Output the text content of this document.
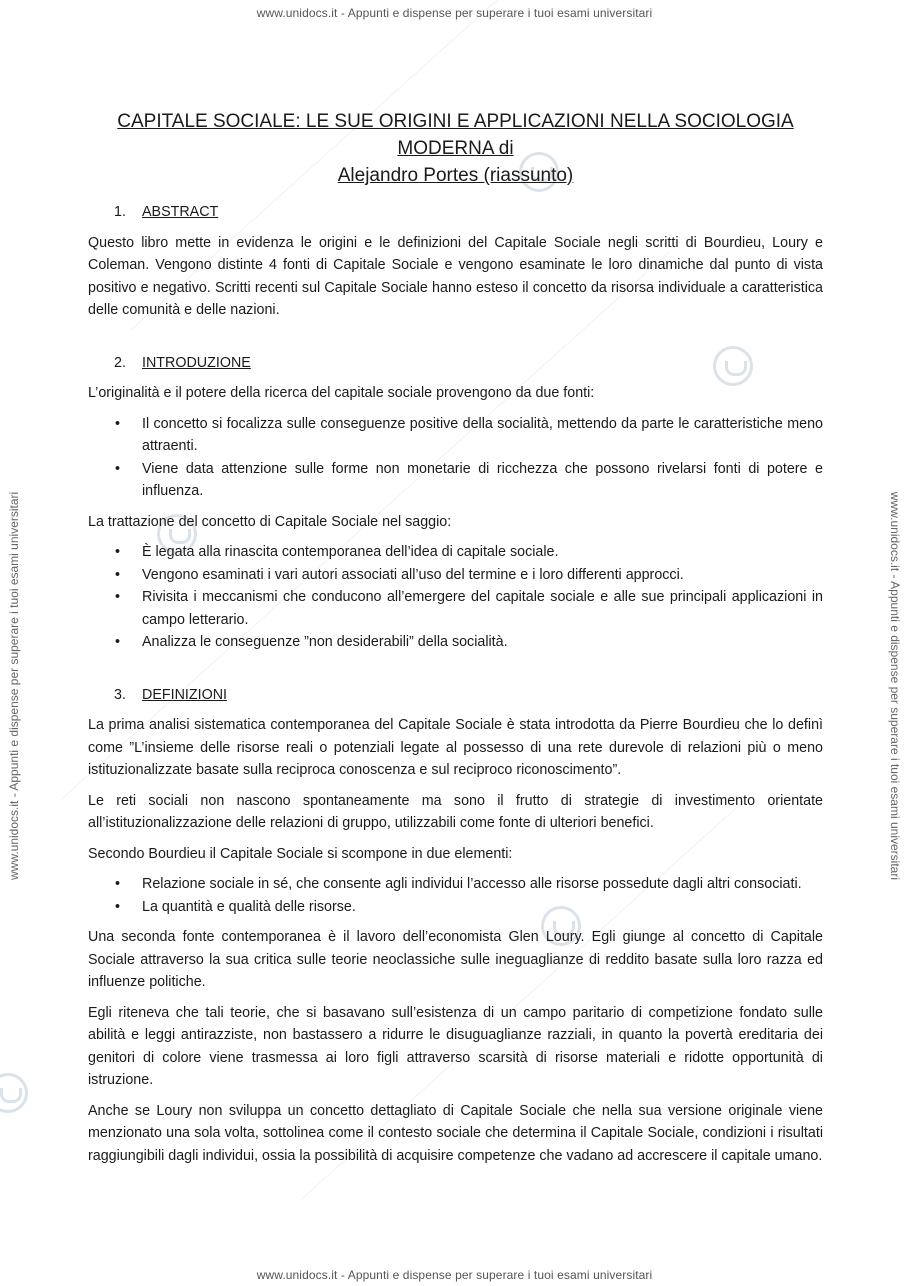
www.unidocs.it - Appunti e dispense per superare i tuoi esami universitari
www.unidocs.it - Appunti e dispense per superare i tuoi esami universitari
www.unidocs.it - Appunti e dispense per superare i tuoi esami universitari	www.unidocs.it - Appunti e dispense per superare i tuoi esami universitari
CAPITALE SOCIALE: LE SUE ORIGINI E APPLICAZIONI NELLA SOCIOLOGIA MODERNA di
Alejandro Portes (riassunto)
1. ABSTRACT

Questo libro mette in evidenza le origini e le definizioni del Capitale Sociale negli scritti di Bourdieu, Loury e Coleman. Vengono distinte 4 fonti di Capitale Sociale e vengono esaminate le loro dinamiche dal punto di vista positivo e negativo. Scritti recenti sul Capitale Sociale hanno esteso il concetto da risorsa individuale a caratteristica delle comunità e delle nazioni.

2. INTRODUZIONE

L’originalità e il potere della ricerca del capitale sociale provengono da due fonti:

• Il concetto si focalizza sulle conseguenze positive della socialità, mettendo da parte le caratteristiche meno attraenti.
• Viene data attenzione sulle forme non monetarie di ricchezza che possono rivelarsi fonti di potere e influenza.

La trattazione del concetto di Capitale Sociale nel saggio:

• È legata alla rinascita contemporanea dell’idea di capitale sociale.
• Vengono esaminati i vari autori associati all’uso del termine e i loro differenti approcci.
• Rivisita i meccanismi che conducono all’emergere del capitale sociale e alle sue principali applicazioni in campo letterario.
• Analizza le conseguenze ”non desiderabili” della socialità.
3. DEFINIZIONI

La prima analisi sistematica contemporanea del Capitale Sociale è stata introdotta da Pierre Bourdieu che lo definì come ”L’insieme delle risorse reali o potenziali legate al possesso di una rete durevole di relazioni più o meno istituzionalizzate basate sulla reciproca conoscenza e sul reciproco riconoscimento”.

Le reti sociali non nascono spontaneamente ma sono il frutto di strategie di investimento orientate all’istituzionalizzazione delle relazioni di gruppo, utilizzabili come fonte di ulteriori benefici.

Secondo Bourdieu il Capitale Sociale si scompone in due elementi:

• Relazione sociale in sé, che consente agli individui l’accesso alle risorse possedute dagli altri consociati.
• La quantità e qualità delle risorse.

Una seconda fonte contemporanea è il lavoro dell’economista Glen Loury. Egli giunge al concetto di Capitale Sociale attraverso la sua critica sulle teorie neoclassiche sulle ineguaglianze di reddito basate sulla loro razza ed influenze politiche.

Egli riteneva che tali teorie, che si basavano sull’esistenza di un campo paritario di competizione fondato sulle abilità e leggi antirazziste, non bastassero a ridurre le disuguaglianze razziali, in quanto la povertà ereditaria dei genitori di colore viene trasmessa ai loro figli attraverso scarsità di risorse materiali e ridotte opportunità di istruzione.

Anche se Loury non sviluppa un concetto dettagliato di Capitale Sociale che nella sua versione originale viene menzionato una sola volta, sottolinea come il contesto sociale che determina il Capitale Sociale, condizioni i risultati raggiungibili dagli individui, ossia la possibilità di acquisire competenze che vadano ad accrescere il capitale umano.
